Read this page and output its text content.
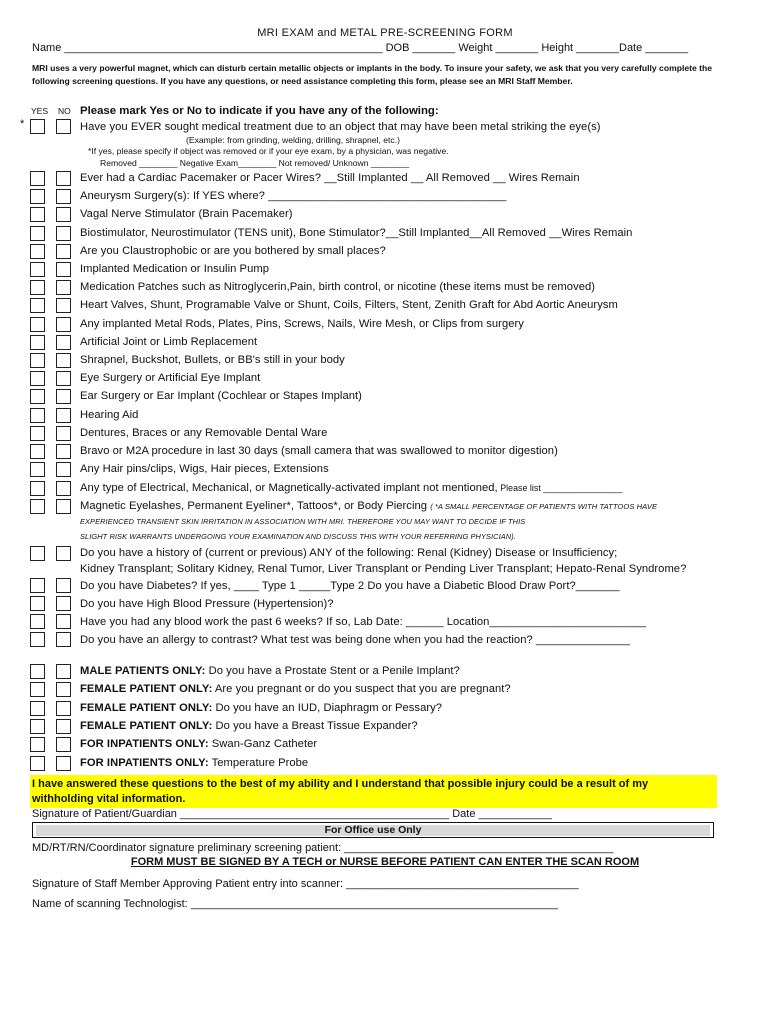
MRI EXAM and METAL PRE-SCREENING FORM
Name ____________________________________________________ DOB _______ Weight _______ Height _______Date _______
MRI uses a very powerful magnet, which can disturb certain metallic objects or implants in the body. To insure your safety, we ask that you very carefully complete the following screening questions. If you have any questions, or need assistance completing this form, please see an MRI Staff Member.
YES NO Please mark Yes or No to indicate if you have any of the following:
*	Have you EVER sought medical treatment due to an object that may have been metal striking the eye(s)
(Example: from grinding, welding, drilling, shrapnel, etc.)
*If yes, please specify if object was removed or if your eye exam, by a physician, was negative.
Removed ________ Negative Exam________ Not removed/ Unknown ________
Ever had a Cardiac Pacemaker or Pacer Wires? __Still Implanted __ All Removed __ Wires Remain
Aneurysm Surgery(s): If YES where? ______________________________________
Vagal Nerve Stimulator (Brain Pacemaker)
Biostimulator, Neurostimulator (TENS unit), Bone Stimulator?__Still Implanted__All Removed __Wires Remain
Are you Claustrophobic or are you bothered by small places?
Implanted Medication or Insulin Pump
Medication Patches such as Nitroglycerin,Pain, birth control, or nicotine (these items must be removed)
Heart Valves, Shunt, Programable Valve or Shunt, Coils, Filters, Stent, Zenith Graft for Abd Aortic Aneurysm
Any implanted Metal Rods, Plates, Pins, Screws, Nails, Wire Mesh, or Clips from surgery
Artificial Joint or Limb Replacement
Shrapnel, Buckshot, Bullets, or BB's still in your body
Eye Surgery or Artificial Eye Implant
Ear Surgery or Ear Implant (Cochlear or Stapes Implant)
Hearing Aid
Dentures, Braces or any Removable Dental Ware
Bravo or M2A procedure in last 30 days (small camera that was swallowed to monitor digestion)
Any Hair pins/clips, Wigs, Hair pieces, Extensions
Any type of Electrical, Mechanical, or Magnetically-activated implant not mentioned, Please list ________________
Magnetic Eyelashes, Permanent Eyeliner*, Tattoos*, or Body Piercing ( *A SMALL PERCENTAGE OF PATIENTS WITH TATTOOS HAVE
EXPERIENCED TRANSIENT SKIN IRRITATION IN ASSOCIATION WITH MRI. THEREFORE YOU MAY WANT TO DECIDE IF THIS
SLIGHT RISK WARRANTS UNDERGOING YOUR EXAMINATION AND DISCUSS THIS WITH YOUR REFERRING PHYSICIAN).
Do you have a history of (current or previous) ANY of the following: Renal (Kidney) Disease or Insufficiency;
Kidney Transplant; Solitary Kidney, Renal Tumor, Liver Transplant or Pending Liver Transplant; Hepato-Renal Syndrome?
Do you have Diabetes? If yes, ____ Type 1 _____Type 2 Do you have a Diabetic Blood Draw Port?_______
Do you have High Blood Pressure (Hypertension)?
Have you had any blood work the past 6 weeks? If so, Lab Date: ______ Location_________________________
Do you have an allergy to contrast? What test was being done when you had the reaction? _______________
MALE PATIENTS ONLY: Do you have a Prostate Stent or a Penile Implant?
FEMALE PATIENT ONLY: Are you pregnant or do you suspect that you are pregnant?
FEMALE PATIENT ONLY: Do you have an IUD, Diaphragm or Pessary?
FEMALE PATIENT ONLY: Do you have a Breast Tissue Expander?
FOR INPATIENTS ONLY: Swan-Ganz Catheter
FOR INPATIENTS ONLY: Temperature Probe
I have answered these questions to the best of my ability and I understand that possible injury could be a result of my withholding vital information.
Signature of Patient/Guardian ____________________________________________ Date ____________
For Office use Only
MD/RT/RN/Coordinator signature preliminary screening patient: ____________________________________________
FORM MUST BE SIGNED BY A TECH or NURSE BEFORE PATIENT CAN ENTER THE SCAN ROOM
Signature of Staff Member Approving Patient entry into scanner: ______________________________________
Name of scanning Technologist: ____________________________________________________________
